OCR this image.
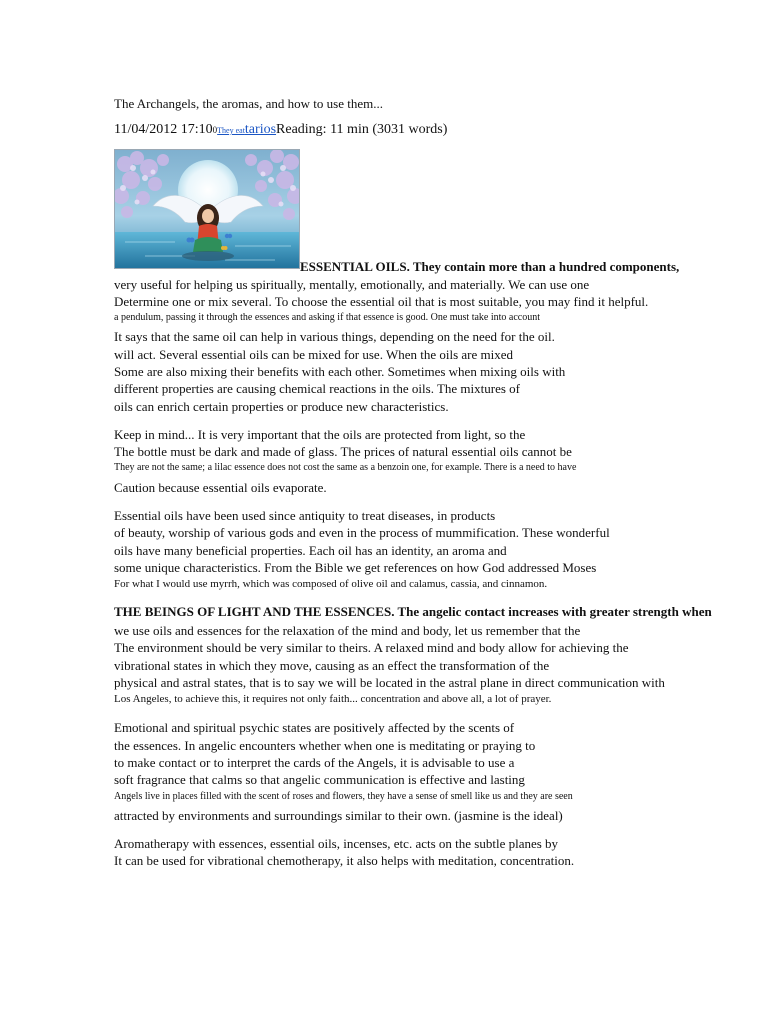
The Archangels, the aromas, and how to use them...
11/04/2012 17:100They eattariosReading: 11 min (3031 words)
ESSENTIAL OILS. They contain more than a hundred components,
very useful for helping us spiritually, mentally, emotionally, and materially. We can use one
Determine one or mix several. To choose the essential oil that is most suitable, you may find it helpful.
a pendulum, passing it through the essences and asking if that essence is good. One must take into account
It says that the same oil can help in various things, depending on the need for the oil.
will act. Several essential oils can be mixed for use. When the oils are mixed
Some are also mixing their benefits with each other. Sometimes when mixing oils with
different properties are causing chemical reactions in the oils. The mixtures of
oils can enrich certain properties or produce new characteristics.
Keep in mind... It is very important that the oils are protected from light, so the
The bottle must be dark and made of glass. The prices of natural essential oils cannot be
They are not the same; a lilac essence does not cost the same as a benzoin one, for example. There is a need to have
Caution because essential oils evaporate.
Essential oils have been used since antiquity to treat diseases, in products
of beauty, worship of various gods and even in the process of mummification. These wonderful
oils have many beneficial properties. Each oil has an identity, an aroma and
some unique characteristics. From the Bible we get references on how God addressed Moses
For what I would use myrrh, which was composed of olive oil and calamus, cassia, and cinnamon.
THE BEINGS OF LIGHT AND THE ESSENCES. The angelic contact increases with greater strength when
we use oils and essences for the relaxation of the mind and body, let us remember that the
The environment should be very similar to theirs. A relaxed mind and body allow for achieving the
vibrational states in which they move, causing as an effect the transformation of the
physical and astral states, that is to say we will be located in the astral plane in direct communication with
Los Angeles, to achieve this, it requires not only faith... concentration and above all, a lot of prayer.
Emotional and spiritual psychic states are positively affected by the scents of
the essences. In angelic encounters whether when one is meditating or praying to
to make contact or to interpret the cards of the Angels, it is advisable to use a
soft fragrance that calms so that angelic communication is effective and lasting
Angels live in places filled with the scent of roses and flowers, they have a sense of smell like us and they are seen
attracted by environments and surroundings similar to their own. (jasmine is the ideal)
Aromatherapy with essences, essential oils, incenses, etc. acts on the subtle planes by
It can be used for vibrational chemotherapy, it also helps with meditation, concentration.
